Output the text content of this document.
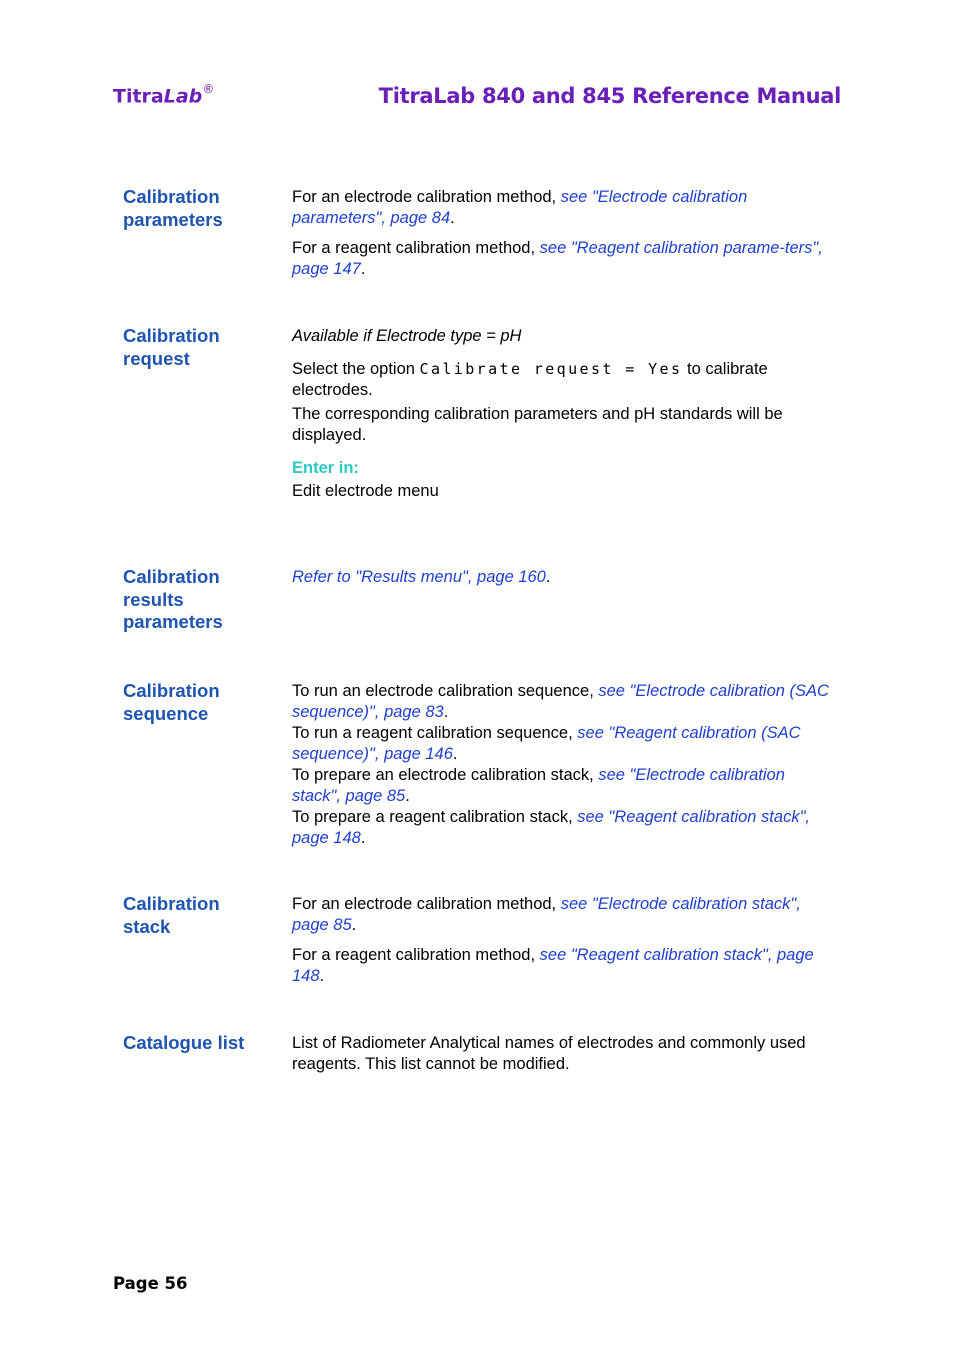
TitraLab®	TitraLab 840 and 845 Reference Manual
Calibration
parameters

For an electrode calibration method, see "Electrode calibration parameters", page 84.

For a reagent calibration method, see "Reagent calibration parame-ters", page 147.

Calibration
request

Available if Electrode type = pH

Select the option Calibrate request = Yes to calibrate electrodes.

The corresponding calibration parameters and pH standards will be displayed.

Enter in:

Edit electrode menu

Calibration
results
parameters

Refer to "Results menu", page 160.

Calibration
sequence

To run an electrode calibration sequence, see "Electrode calibration (SAC sequence)", page 83.

To run a reagent calibration sequence, see "Reagent calibration (SAC sequence)", page 146.

To prepare an electrode calibration stack, see "Electrode calibration stack", page 85.

To prepare a reagent calibration stack, see "Reagent calibration stack", page 148.

Calibration
stack

For an electrode calibration method, see "Electrode calibration stack", page 85.

For a reagent calibration method, see "Reagent calibration stack", page 148.

Catalogue list	List of Radiometer Analytical names of electrodes and commonly used reagents. This list cannot be modified.

Page 56
